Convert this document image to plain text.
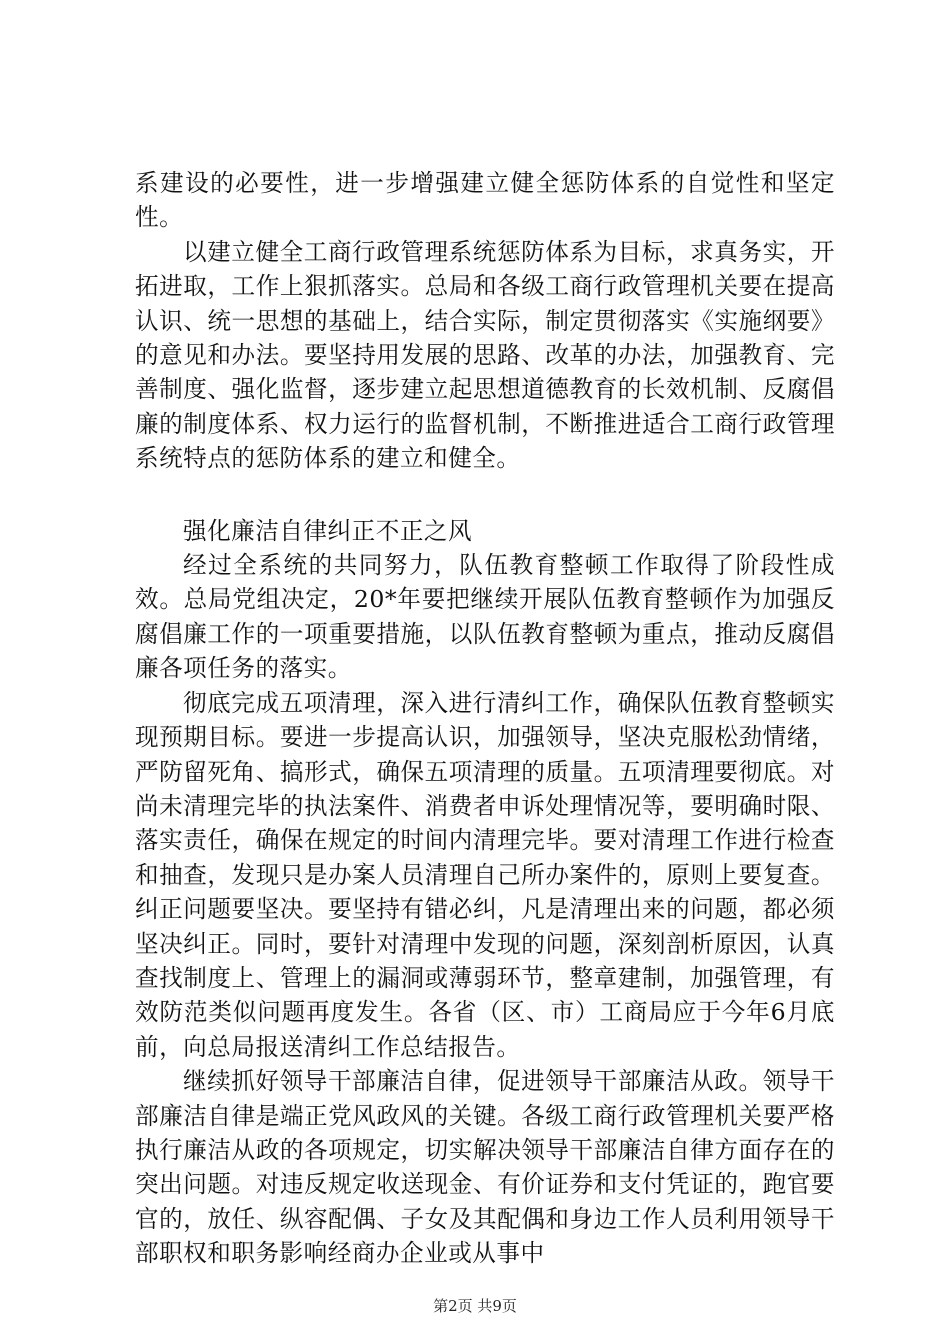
系建设的必要性，进一步增强建立健全惩防体系的自觉性和坚定性。

以建立健全工商行政管理系统惩防体系为目标，求真务实，开拓进取，工作上狠抓落实。总局和各级工商行政管理机关要在提高认识、统一思想的基础上，结合实际，制定贯彻落实《实施纲要》的意见和办法。要坚持用发展的思路、改革的办法，加强教育、完善制度、强化监督，逐步建立起思想道德教育的长效机制、反腐倡廉的制度体系、权力运行的监督机制，不断推进适合工商行政管理系统特点的惩防体系的建立和健全。

强化廉洁自律纠正不正之风

经过全系统的共同努力，队伍教育整顿工作取得了阶段性成效。总局党组决定，20*年要把继续开展队伍教育整顿作为加强反腐倡廉工作的一项重要措施，以队伍教育整顿为重点，推动反腐倡廉各项任务的落实。

彻底完成五项清理，深入进行清纠工作，确保队伍教育整顿实现预期目标。要进一步提高认识，加强领导，坚决克服松劲情绪，严防留死角、搞形式，确保五项清理的质量。五项清理要彻底。对尚未清理完毕的执法案件、消费者申诉处理情况等，要明确时限、落实责任，确保在规定的时间内清理完毕。要对清理工作进行检查和抽查，发现只是办案人员清理自己所办案件的，原则上要复查。纠正问题要坚决。要坚持有错必纠，凡是清理出来的问题，都必须坚决纠正。同时，要针对清理中发现的问题，深刻剖析原因，认真查找制度上、管理上的漏洞或薄弱环节，整章建制，加强管理，有效防范类似问题再度发生。各省（区、市）工商局应于今年6月底前，向总局报送清纠工作总结报告。

继续抓好领导干部廉洁自律，促进领导干部廉洁从政。领导干部廉洁自律是端正党风政风的关键。各级工商行政管理机关要严格执行廉洁从政的各项规定，切实解决领导干部廉洁自律方面存在的突出问题。对违反规定收送现金、有价证券和支付凭证的，跑官要官的，放任、纵容配偶、子女及其配偶和身边工作人员利用领导干部职权和职务影响经商办企业或从事中

第2页 共9页
